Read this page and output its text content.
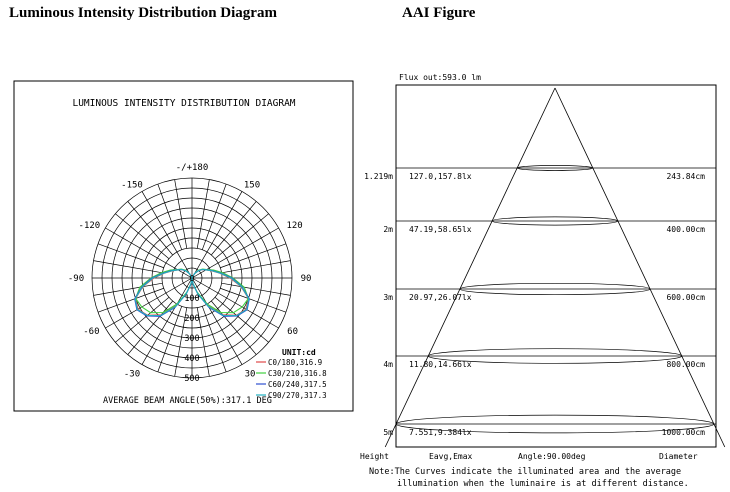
Luminous Intensity Distribution Diagram	AAI Figure
LUMINOUS INTENSITY DISTRIBUTION DIAGRAM
-/+180
-150	150
-120	120
-90	90
-60	60
-30	30
0
100
200
300
400
500
UNIT:cd
C0/180,316.9
C30/210,316.8
C60/240,317.5
C90/270,317.3
AVERAGE BEAM ANGLE(50%):317.1 DEG
Flux out:593.0 lm
1.219m 127.0,157.8lx	243.84cm
2m 47.19,58.65lx	400.00cm
3m 20.97,26.07lx	600.00cm
4m 11.80,14.66lx	800.00cm
5m 7.551,9.384lx	1000.00cm
Height	Eavg,Emax	Angle:90.00deg	Diameter
Note:The Curves indicate the illuminated area and the average
illumination when the luminaire is at different distance.
